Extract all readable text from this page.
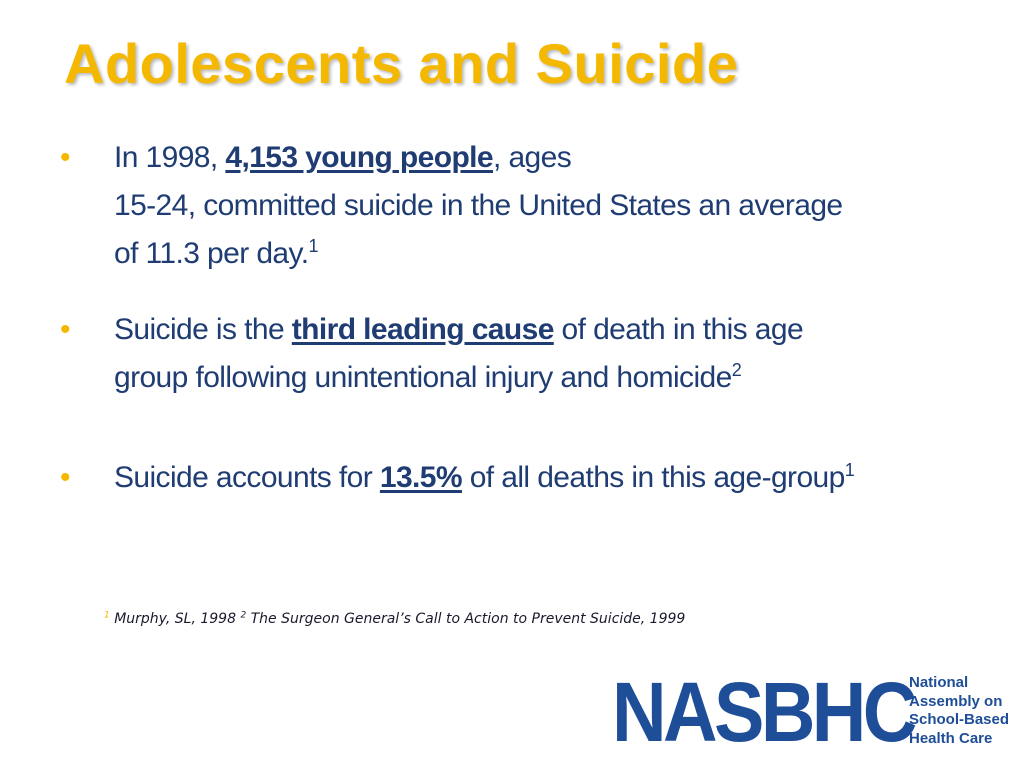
Adolescents and Suicide
• In 1998, 4,153 young people, ages
15-24, committed suicide in the United States an average
of 11.3 per day.$^1$
• Suicide is the third leading cause of death in this age
group following unintentional injury and homicide$^2$
• Suicide accounts for 13.5% of all deaths in this age-group$^1$
$^1$ Murphy, SL, 1998 $^2$ The Surgeon General’s Call to Action to Prevent Suicide, 1999
NASBHC
National
Assembly on
School-Based
Health Care
